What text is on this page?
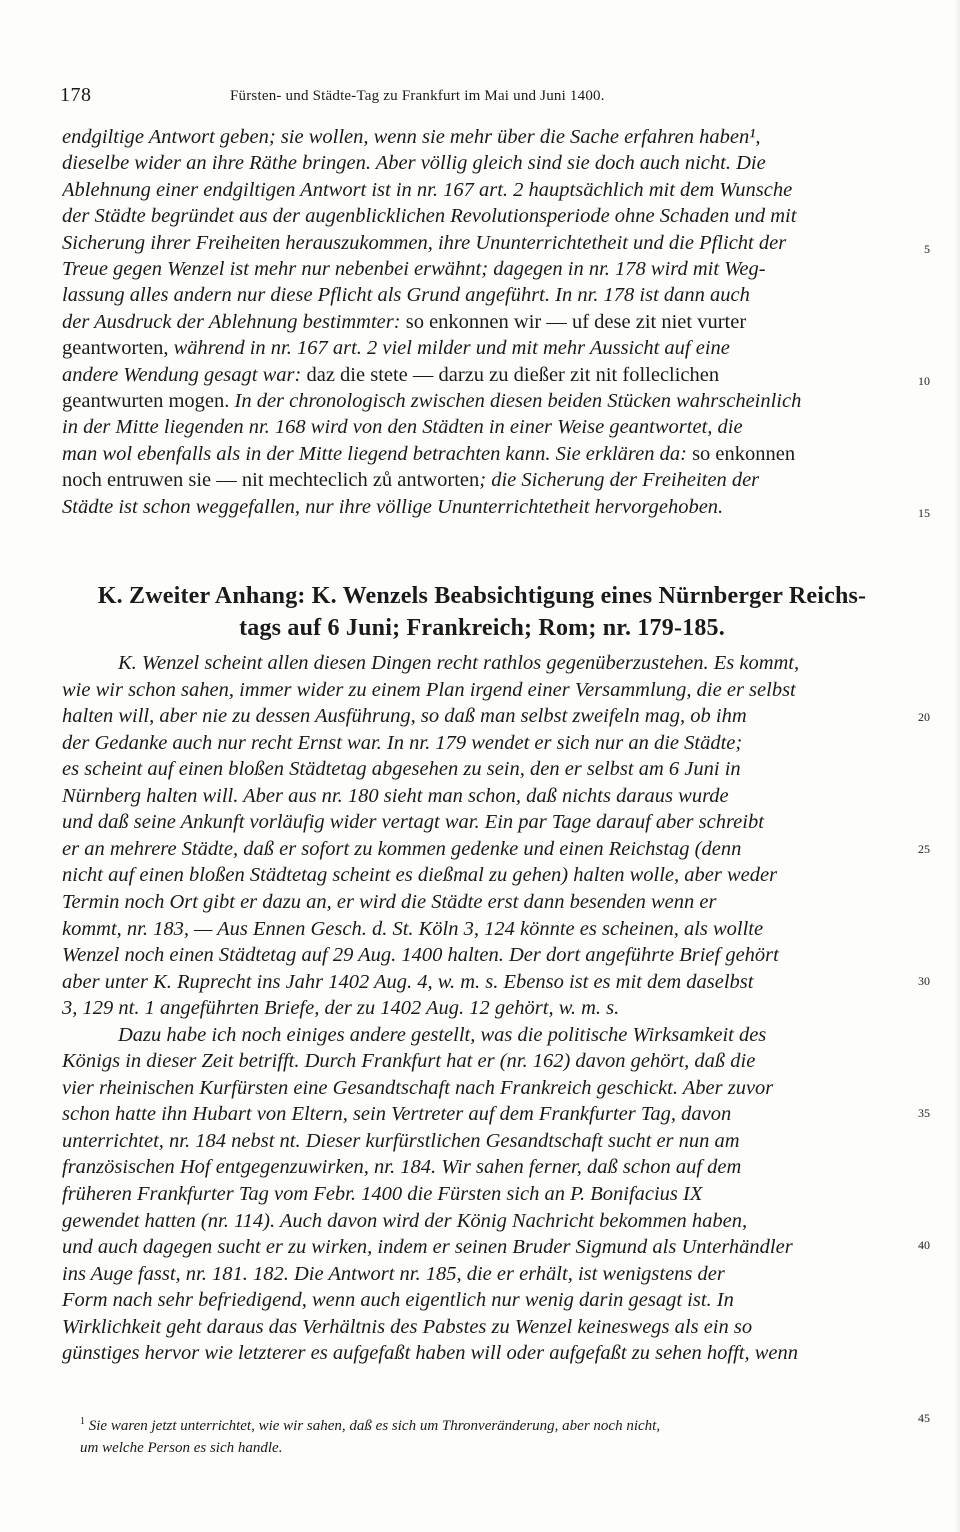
178	Fürsten- und Städte-Tag zu Frankfurt im Mai und Juni 1400.
endgiltige Antwort geben; sie wollen, wenn sie mehr über die Sache erfahren haben¹,
dieselbe wider an ihre Räthe bringen. Aber völlig gleich sind sie doch auch nicht. Die
Ablehnung einer endgiltigen Antwort ist in nr. 167 art. 2 hauptsächlich mit dem Wunsche
der Städte begründet aus der augenblicklichen Revolutionsperiode ohne Schaden und mit
Sicherung ihrer Freiheiten herauszukommen, ihre Ununterrichtetheit und die Pflicht der
Treue gegen Wenzel ist mehr nur nebenbei erwähnt; dagegen in nr. 178 wird mit Weg-
lassung alles andern nur diese Pflicht als Grund angeführt. In nr. 178 ist dann auch
der Ausdruck der Ablehnung bestimmter: so enkonnen wir — uf dese zit niet vurter
geantworten, während in nr. 167 art. 2 viel milder und mit mehr Aussicht auf eine
andere Wendung gesagt war: daz die stete — darzu zu dießer zit nit folleclichen
geantwurten mogen. In der chronologisch zwischen diesen beiden Stücken wahrscheinlich
in der Mitte liegenden nr. 168 wird von den Städten in einer Weise geantwortet, die
man wol ebenfalls als in der Mitte liegend betrachten kann. Sie erklären da: so enkonnen
noch entruwen sie — nit mechteclich zů antworten; die Sicherung der Freiheiten der
Städte ist schon weggefallen, nur ihre völlige Ununterrichtetheit hervorgehoben.
5
10
15
K. Zweiter Anhang: K. Wenzels Beabsichtigung eines Nürnberger Reichs-
tags auf 6 Juni; Frankreich; Rom; nr. 179-185.
K. Wenzel scheint allen diesen Dingen recht rathlos gegenüberzustehen. Es kommt,
wie wir schon sahen, immer wider zu einem Plan irgend einer Versammlung, die er selbst
halten will, aber nie zu dessen Ausführung, so daß man selbst zweifeln mag, ob ihm
der Gedanke auch nur recht Ernst war. In nr. 179 wendet er sich nur an die Städte;
es scheint auf einen bloßen Städtetag abgesehen zu sein, den er selbst am 6 Juni in
Nürnberg halten will. Aber aus nr. 180 sieht man schon, daß nichts daraus wurde
und daß seine Ankunft vorläufig wider vertagt war. Ein par Tage darauf aber schreibt
er an mehrere Städte, daß er sofort zu kommen gedenke und einen Reichstag (denn
nicht auf einen bloßen Städtetag scheint es dießmal zu gehen) halten wolle, aber weder
Termin noch Ort gibt er dazu an, er wird die Städte erst dann besenden wenn er
kommt, nr. 183, — Aus Ennen Gesch. d. St. Köln 3, 124 könnte es scheinen, als wollte
Wenzel noch einen Städtetag auf 29 Aug. 1400 halten. Der dort angeführte Brief gehört
aber unter K. Ruprecht ins Jahr 1402 Aug. 4, w. m. s. Ebenso ist es mit dem daselbst
3, 129 nt. 1 angeführten Briefe, der zu 1402 Aug. 12 gehört, w. m. s.
Dazu habe ich noch einiges andere gestellt, was die politische Wirksamkeit des
Königs in dieser Zeit betrifft. Durch Frankfurt hat er (nr. 162) davon gehört, daß die
vier rheinischen Kurfürsten eine Gesandtschaft nach Frankreich geschickt. Aber zuvor
schon hatte ihn Hubart von Eltern, sein Vertreter auf dem Frankfurter Tag, davon
unterrichtet, nr. 184 nebst nt. Dieser kurfürstlichen Gesandtschaft sucht er nun am
französischen Hof entgegenzuwirken, nr. 184. Wir sahen ferner, daß schon auf dem
früheren Frankfurter Tag vom Febr. 1400 die Fürsten sich an P. Bonifacius IX
gewendet hatten (nr. 114). Auch davon wird der König Nachricht bekommen haben,
und auch dagegen sucht er zu wirken, indem er seinen Bruder Sigmund als Unterhändler
ins Auge fasst, nr. 181. 182. Die Antwort nr. 185, die er erhält, ist wenigstens der
Form nach sehr befriedigend, wenn auch eigentlich nur wenig darin gesagt ist. In
Wirklichkeit geht daraus das Verhältnis des Pabstes zu Wenzel keineswegs als ein so
günstiges hervor wie letzterer es aufgefaßt haben will oder aufgefaßt zu sehen hofft, wenn
20
25
30
35
40
$^1$ Sie waren jetzt unterrichtet, wie wir sahen, daß es sich um Thronveränderung, aber noch nicht,
um welche Person es sich handle.
45
